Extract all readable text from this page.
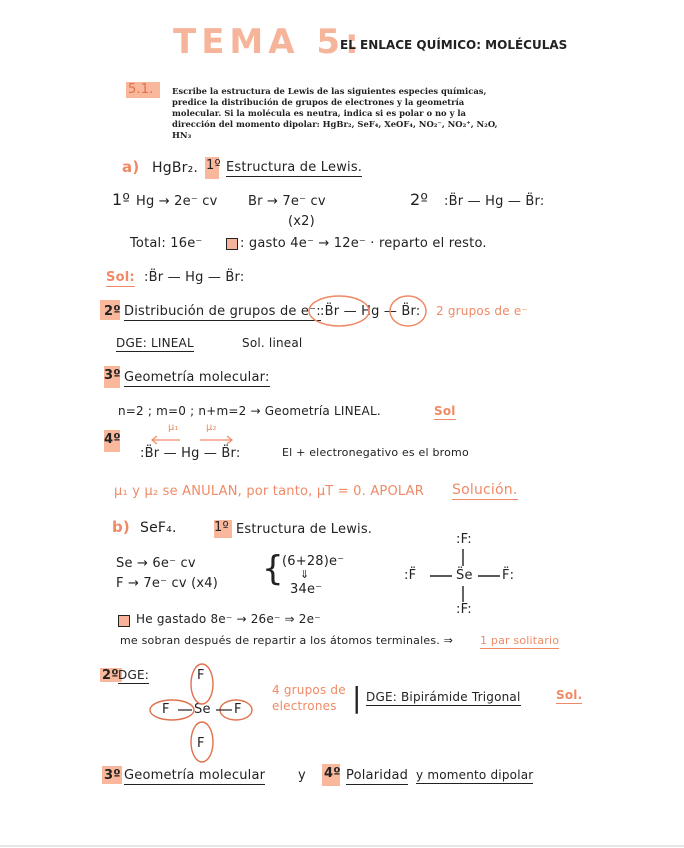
TEMA 5:
EL ENLACE QUÍMICO: MOLÉCULAS
5.1. Escribe la estructura de Lewis de las siguientes especies químicas, predice la distribución de grupos de electrones y la geometría molecular. Si la molécula es neutra, indica si es polar o no y la dirección del momento dipolar: HgBr₂, SeF₄, XeOF₄, NO₂⁻, NO₂⁺, N₂O, HN₃
a) HgBr₂. 1º Estructura de Lewis.
1º Hg → 2e⁻ cv Br → 7e⁻ cv
(x2)
2º :B̈r — Hg — B̈r:
Total: 16e⁻	: gasto 4e⁻ → 12e⁻ · reparto el resto.
Sol: :B̈r — Hg — B̈r:
2º Distribución de grupos de e⁻: :B̈r — Hg — B̈r: 2 grupos de e⁻
DGE: LINEAL	Sol. lineal
3º Geometría molecular:
n=2 ; m=0 ; n+m=2 → Geometría LINEAL.	Sol
4º
μ₁	μ₂
:B̈r — Hg — B̈r:	El + electronegativo es el bromo
μ₁ y μ₂ se ANULAN, por tanto, μT = 0. APOLAR Solución.
b) SeF₄.	1º Estructura de Lewis.
Se → 6e⁻ cv
F → 7e⁻ cv (x4) {
(6+28)e⁻
⇓
34e⁻
:F:
:F̈	S̈e F̈:
:F:
He gastado 8e⁻ → 26e⁻ ⇒ 2e⁻
me sobran después de repartir a los átomos terminales. ⇒ 1 par solitario
2º DGE:	F
F Se F
F
4 grupos de electrones | DGE: Bipirámide Trigonal	Sol.
3º Geometría molecular	y 4º Polaridad y momento dipolar
